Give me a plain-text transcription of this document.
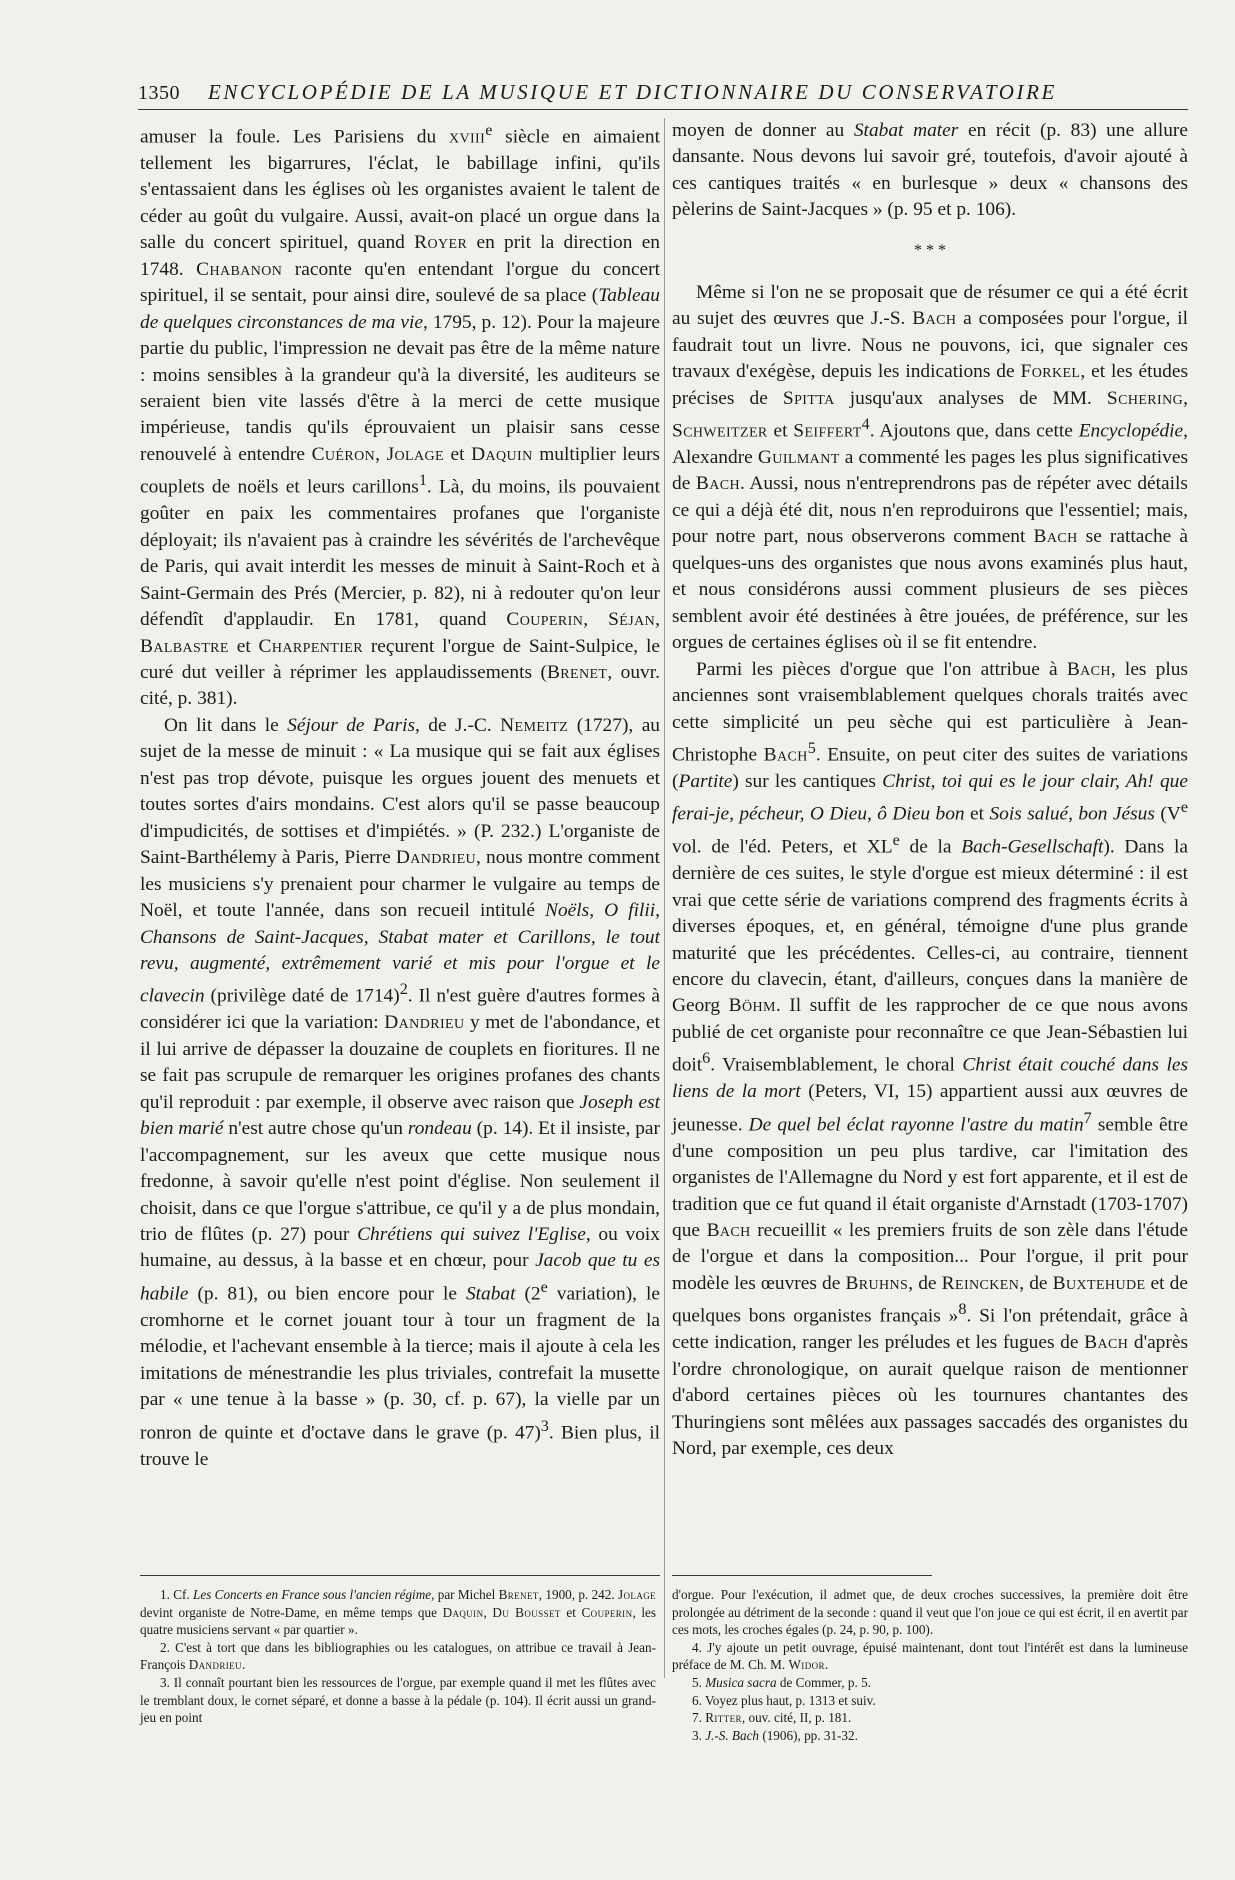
1350 ENCYCLOPÉDIE DE LA MUSIQUE ET DICTIONNAIRE DU CONSERVATOIRE

amuser la foule. Les Parisiens du xviii$^e$ siècle en aimaient tellement les bigarrures, l'éclat, le babillage infini, qu'ils s'entassaient dans les églises où les organistes avaient le talent de céder au goût du vulgaire. Aussi, avait-on placé un orgue dans la salle du concert spirituel, quand Royer en prit la direction en 1748. Chabanon raconte qu'en entendant l'orgue du concert spirituel, il se sentait, pour ainsi dire, soulevé de sa place (Tableau de quelques circonstances de ma vie, 1795, p. 12). Pour la majeure partie du public, l'impression ne devait pas être de la même nature : moins sensibles à la grandeur qu'à la diversité, les auditeurs se seraient bien vite lassés d'être à la merci de cette musique impérieuse, tandis qu'ils éprouvaient un plaisir sans cesse renouvelé à entendre Cuéron, Jolage et Daquin multiplier leurs couplets de noëls et leurs carillons$^1$. Là, du moins, ils pouvaient goûter en paix les commentaires profanes que l'organiste déployait; ils n'avaient pas à craindre les sévérités de l'archevêque de Paris, qui avait interdit les messes de minuit à Saint-Roch et à Saint-Germain des Prés (Mercier, p. 82), ni à redouter qu'on leur défendît d'applaudir. En 1781, quand Couperin, Séjan, Balbastre et Charpentier reçurent l'orgue de Saint-Sulpice, le curé dut veiller à réprimer les applaudissements (Brenet, ouvr. cité, p. 381).

On lit dans le Séjour de Paris, de J.-C. Nemeitz (1727), au sujet de la messe de minuit : « La musique qui se fait aux églises n'est pas trop dévote, puisque les orgues jouent des menuets et toutes sortes d'airs mondains. C'est alors qu'il se passe beaucoup d'impudicités, de sottises et d'impiétés. » (P. 232.) L'organiste de Saint-Barthélemy à Paris, Pierre Dandrieu, nous montre comment les musiciens s'y prenaient pour charmer le vulgaire au temps de Noël, et toute l'année, dans son recueil intitulé Noëls, O filii, Chansons de Saint-Jacques, Stabat mater et Carillons, le tout revu, augmenté, extrêmement varié et mis pour l'orgue et le clavecin (privilège daté de 1714)$^2$. Il n'est guère d'autres formes à considérer ici que la variation: Dandrieu y met de l'abondance, et il lui arrive de dépasser la douzaine de couplets en fioritures. Il ne se fait pas scrupule de remarquer les origines profanes des chants qu'il reproduit : par exemple, il observe avec raison que Joseph est bien marié n'est autre chose qu'un rondeau (p. 14). Et il insiste, par l'accompagnement, sur les aveux que cette musique nous fredonne, à savoir qu'elle n'est point d'église. Non seulement il choisit, dans ce que l'orgue s'attribue, ce qu'il y a de plus mondain, trio de flûtes (p. 27) pour Chrétiens qui suivez l'Eglise, ou voix humaine, au dessus, à la basse et en chœur, pour Jacob que tu es habile (p. 81), ou bien encore pour le Stabat (2e variation), le cromhorne et le cornet jouant tour à tour un fragment de la mélodie, et l'achevant ensemble à la tierce; mais il ajoute à cela les imitations de ménestrandie les plus triviales, contrefait la musette par « une tenue à la basse » (p. 30, cf. p. 67), la vielle par un ronron de quinte et d'octave dans le grave (p. 47)$^3$. Bien plus, il trouve le

moyen de donner au Stabat mater en récit (p. 83) une allure dansante. Nous devons lui savoir gré, toutefois, d'avoir ajouté à ces cantiques traités « en burlesque » deux « chansons des pèlerins de Saint-Jacques » (p. 95 et p. 106).

* * *

Même si l'on ne se proposait que de résumer ce qui a été écrit au sujet des œuvres que J.-S. Bach a composées pour l'orgue, il faudrait tout un livre. Nous ne pouvons, ici, que signaler ces travaux d'exégèse, depuis les indications de Forkel, et les études précises de Spitta jusqu'aux analyses de MM. Schering, Schweitzer et Seiffert$^4$. Ajoutons que, dans cette Encyclopédie, Alexandre Guilmant a commenté les pages les plus significatives de Bach. Aussi, nous n'entreprendrons pas de répéter avec détails ce qui a déjà été dit, nous n'en reproduirons que l'essentiel; mais, pour notre part, nous observerons comment Bach se rattache à quelques-uns des organistes que nous avons examinés plus haut, et nous considérons aussi comment plusieurs de ses pièces semblent avoir été destinées à être jouées, de préférence, sur les orgues de certaines églises où il se fit entendre.

Parmi les pièces d'orgue que l'on attribue à Bach, les plus anciennes sont vraisemblablement quelques chorals traités avec cette simplicité un peu sèche qui est particulière à Jean-Christophe Bach$^5$. Ensuite, on peut citer des suites de variations (Partite) sur les cantiques Christ, toi qui es le jour clair, Ah! que ferai-je, pécheur, O Dieu, ô Dieu bon et Sois salué, bon Jésus (Ve vol. de l'éd. Peters, et XLe de la Bach-Gesellschaft). Dans la dernière de ces suites, le style d'orgue est mieux déterminé : il est vrai que cette série de variations comprend des fragments écrits à diverses époques, et, en général, témoigne d'une plus grande maturité que les précédentes. Celles-ci, au contraire, tiennent encore du clavecin, étant, d'ailleurs, conçues dans la manière de Georg Böhm. Il suffit de les rapprocher de ce que nous avons publié de cet organiste pour reconnaître ce que Jean-Sébastien lui doit$^6$. Vraisemblablement, le choral Christ était couché dans les liens de la mort (Peters, VI, 15) appartient aussi aux œuvres de jeunesse. De quel bel éclat rayonne l'astre du matin$^7$ semble être d'une composition un peu plus tardive, car l'imitation des organistes de l'Allemagne du Nord y est fort apparente, et il est de tradition que ce fut quand il était organiste d'Arnstadt (1703-1707) que Bach recueillit « les premiers fruits de son zèle dans l'étude de l'orgue et dans la composition... Pour l'orgue, il prit pour modèle les œuvres de Bruhns, de Reincken, de Buxtehude et de quelques bons organistes français »$^8$. Si l'on prétendait, grâce à cette indication, ranger les préludes et les fugues de Bach d'après l'ordre chronologique, on aurait quelque raison de mentionner d'abord certaines pièces où les tournures chantantes des Thuringiens sont mêlées aux passages saccadés des organistes du Nord, par exemple, ces deux

1. Cf. Les Concerts en France sous l'ancien régime, par Michel Brenet, 1900, p. 242. Jolage devint organiste de Notre-Dame, en même temps que Daquin, Du Bousset et Couperin, les quatre musiciens servant « par quartier ».

2. C'est à tort que dans les bibliographies ou les catalogues, on attribue ce travail à Jean-François Dandrieu.

3. Il connaît pourtant bien les ressources de l'orgue, par exemple quand il met les flûtes avec le tremblant doux, le cornet séparé, et donne a basse à la pédale (p. 104). Il écrit aussi un grand-jeu en point

d'orgue. Pour l'exécution, il admet que, de deux croches successives, la première doit être prolongée au détriment de la seconde : quand il veut que l'on joue ce qui est écrit, il en avertit par ces mots, les croches égales (p. 24, p. 90, p. 100).

4. J'y ajoute un petit ouvrage, épuisé maintenant, dont tout l'intérêt est dans la lumineuse préface de M. Ch. M. Widor.

5. Musica sacra de Commer, p. 5.

6. Voyez plus haut, p. 1313 et suiv.

7. Ritter, ouv. cité, II, p. 181.

3. J.-S. Bach (1906), pp. 31-32.
